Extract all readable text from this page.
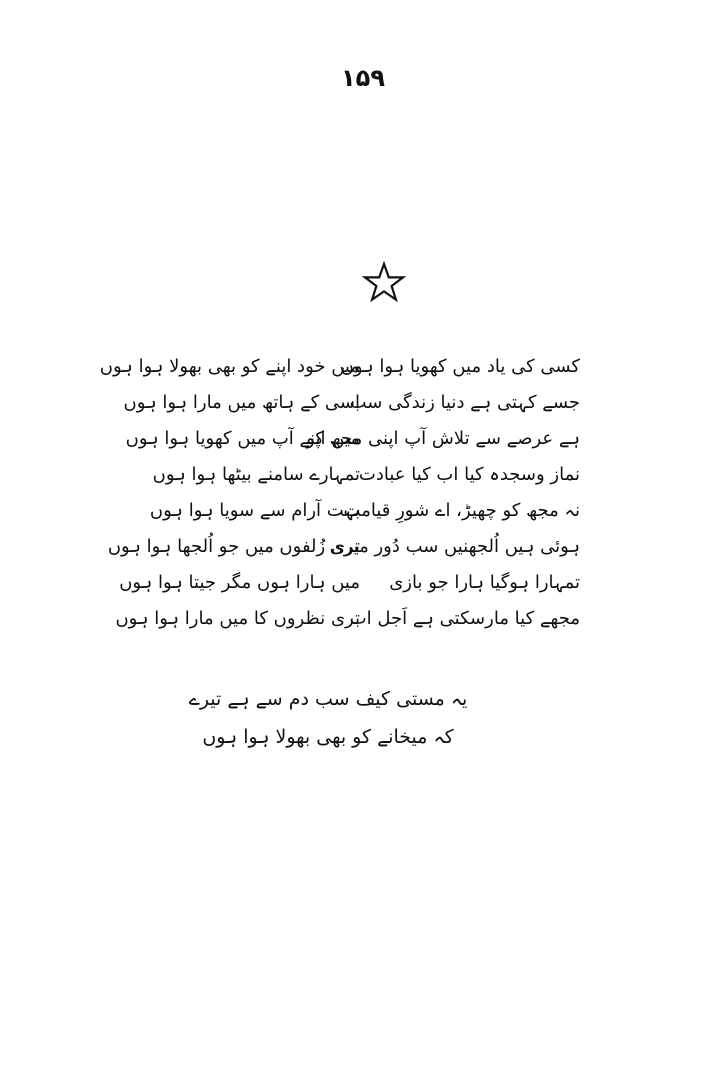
۱۵۹
کسی کی یاد میں کھویا ہوا ہوں
میں خود اپنے کو بھی بھولا ہوا ہوں
جسے کہتی ہے دنیا زندگی سب
اسی کے ہاتھ میں مارا ہوا ہوں
ہے عرصے سے تلاش آپ اپنی مجھ کو
میں اپنے آپ میں کھویا ہوا ہوں
نماز وسجدہ کیا اب کیا عبادت
تمہارے سامنے بیٹھا ہوا ہوں
نہ مجھ کو چھیڑ، اے شورِ قیامت
بہت آرام سے سویا ہوا ہوں
ہوئی ہیں اُلجھنیں سب دُور میری
تری زُلفوں میں جو اُلجھا ہوا ہوں
تمہارا ہوگیا ہارا جو بازی
میں ہارا ہوں مگر جیتا ہوا ہوں
مجھے کیا مارسکتی ہے اَجل اب
تری نظروں کا میں مارا ہوا ہوں
یہ مستی کیف سب دم سے ہے تیرے
کہ میخانے کو بھی بھولا ہوا ہوں
